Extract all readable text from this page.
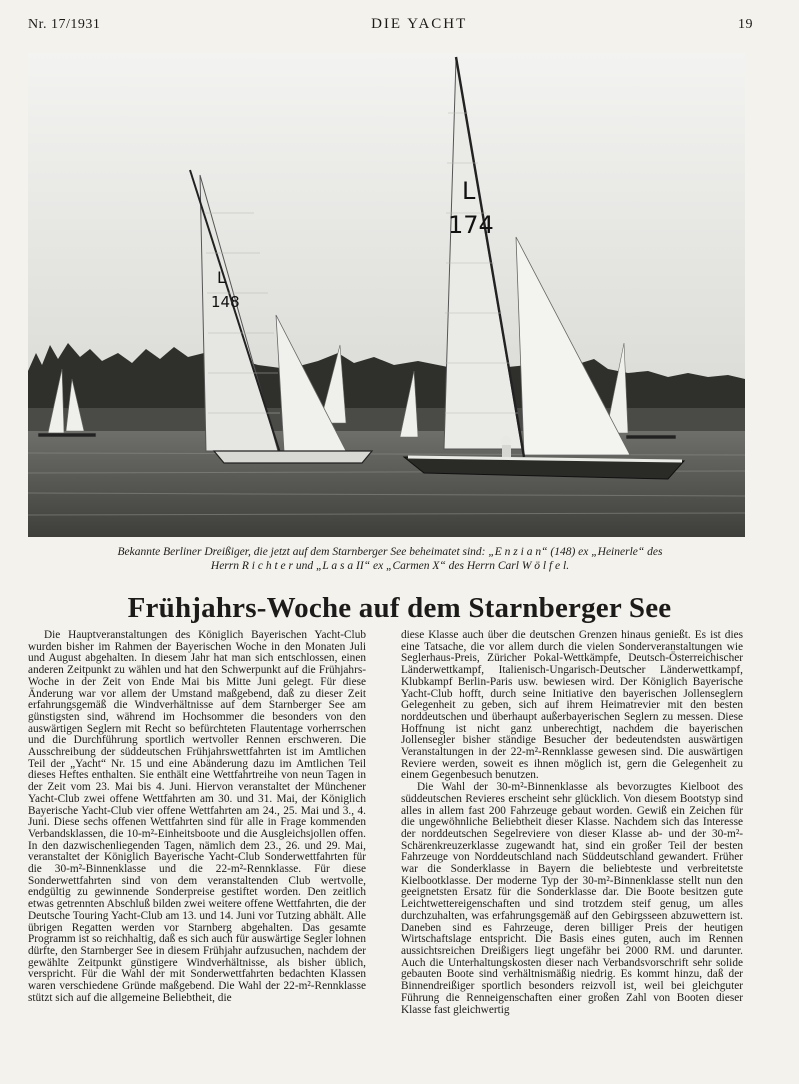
Nr. 17/1931	DIE YACHT	19
L
148
L
174
Bekannte Berliner Dreißiger, die jetzt auf dem Starnberger See beheimatet sind: „E n z i a n“ (148) ex „Heinerle“ des
Herrn R i c h t e r und „L a s a II“ ex „Carmen X“ des Herrn Carl W ö l f e l.
Frühjahrs-Woche auf dem Starnberger See

Die Hauptveranstaltungen des Königlich Bayerischen Yacht-Club wurden bisher im Rahmen der Bayerischen Woche in den Monaten Juli und August abgehalten. In diesem Jahr hat man sich entschlossen, einen anderen Zeitpunkt zu wählen und hat den Schwerpunkt auf die Frühjahrs-Woche in der Zeit von Ende Mai bis Mitte Juni gelegt. Für diese Änderung war vor allem der Umstand maßgebend, daß zu dieser Zeit erfahrungsgemäß die Windverhältnisse auf dem Starnberger See am günstigsten sind, während im Hochsommer die besonders von den auswärtigen Seglern mit Recht so befürchteten Flautentage vorherrschen und die Durchführung sportlich wertvoller Rennen erschweren. Die Ausschreibung der süddeutschen Frühjahrswettfahrten ist im Amtlichen Teil der „Yacht“ Nr. 15 und eine Abänderung dazu im Amtlichen Teil dieses Heftes enthalten. Sie enthält eine Wettfahrtreihe von neun Tagen in der Zeit vom 23. Mai bis 4. Juni. Hiervon veranstaltet der Münchener Yacht-Club zwei offene Wettfahrten am 30. und 31. Mai, der Königlich Bayerische Yacht-Club vier offene Wettfahrten am 24., 25. Mai und 3., 4. Juni. Diese sechs offenen Wettfahrten sind für alle in Frage kommenden Verbandsklassen, die 10-m²-Einheitsboote und die Ausgleichsjollen offen. In den dazwischenliegenden Tagen, nämlich dem 23., 26. und 29. Mai, veranstaltet der Königlich Bayerische Yacht-Club Sonderwettfahrten für die 30-m²-Binnenklasse und die 22-m²-Rennklasse. Für diese Sonderwettfahrten sind von dem veranstaltenden Club wertvolle, endgültig zu gewinnende Sonderpreise gestiftet worden. Den zeitlich etwas getrennten Abschluß bilden zwei weitere offene Wettfahrten, die der Deutsche Touring Yacht-Club am 13. und 14. Juni vor Tutzing abhält. Alle übrigen Regatten werden vor Starnberg abgehalten. Das gesamte Programm ist so reichhaltig, daß es sich auch für auswärtige Segler lohnen dürfte, den Starnberger See in diesem Frühjahr aufzusuchen, nachdem der gewählte Zeitpunkt günstigere Windverhältnisse, als bisher üblich, verspricht. Für die Wahl der mit Sonderwettfahrten bedachten Klassen waren verschiedene Gründe maßgebend. Die Wahl der 22-m²-Rennklasse stützt sich auf die allgemeine Beliebtheit, die

diese Klasse auch über die deutschen Grenzen hinaus genießt. Es ist dies eine Tatsache, die vor allem durch die vielen Sonderveranstaltungen wie Seglerhaus-Preis, Züricher Pokal-Wettkämpfe, Deutsch-Österreichischer Länderwettkampf, Italienisch-Ungarisch-Deutscher Länderwettkampf, Klubkampf Berlin-Paris usw. bewiesen wird. Der Königlich Bayerische Yacht-Club hofft, durch seine Initiative den bayerischen Jollenseglern Gelegenheit zu geben, sich auf ihrem Heimatrevier mit den besten norddeutschen und überhaupt außerbayerischen Seglern zu messen. Diese Hoffnung ist nicht ganz unberechtigt, nachdem die bayerischen Jollensegler bisher ständige Besucher der bedeutendsten auswärtigen Veranstaltungen in der 22-m²-Rennklasse gewesen sind. Die auswärtigen Reviere werden, soweit es ihnen möglich ist, gern die Gelegenheit zu einem Gegenbesuch benutzen.

Die Wahl der 30-m²-Binnenklasse als bevorzugtes Kielboot des süddeutschen Revieres erscheint sehr glücklich. Von diesem Bootstyp sind alles in allem fast 200 Fahrzeuge gebaut worden. Gewiß ein Zeichen für die ungewöhnliche Beliebtheit dieser Klasse. Nachdem sich das Interesse der norddeutschen Segelreviere von dieser Klasse ab- und der 30-m²-Schärenkreuzerklasse zugewandt hat, sind ein großer Teil der besten Fahrzeuge von Norddeutschland nach Süddeutschland gewandert. Früher war die Sonderklasse in Bayern die beliebteste und verbreitetste Kielbootklasse. Der moderne Typ der 30-m²-Binnenklasse stellt nun den geeignetsten Ersatz für die Sonderklasse dar. Die Boote besitzen gute Leichtwettereigenschaften und sind trotzdem steif genug, um alles durchzuhalten, was erfahrungsgemäß auf den Gebirgsseen abzuwettern ist. Daneben sind es Fahrzeuge, deren billiger Preis der heutigen Wirtschaftslage entspricht. Die Basis eines guten, auch im Rennen aussichtsreichen Dreißigers liegt ungefähr bei 2000 RM. und darunter. Auch die Unterhaltungskosten dieser nach Verbandsvorschrift sehr solide gebauten Boote sind verhältnismäßig niedrig. Es kommt hinzu, daß der Binnendreißiger sportlich besonders reizvoll ist, weil bei gleichguter Führung die Renneigenschaften einer großen Zahl von Booten dieser Klasse fast gleichwertig
